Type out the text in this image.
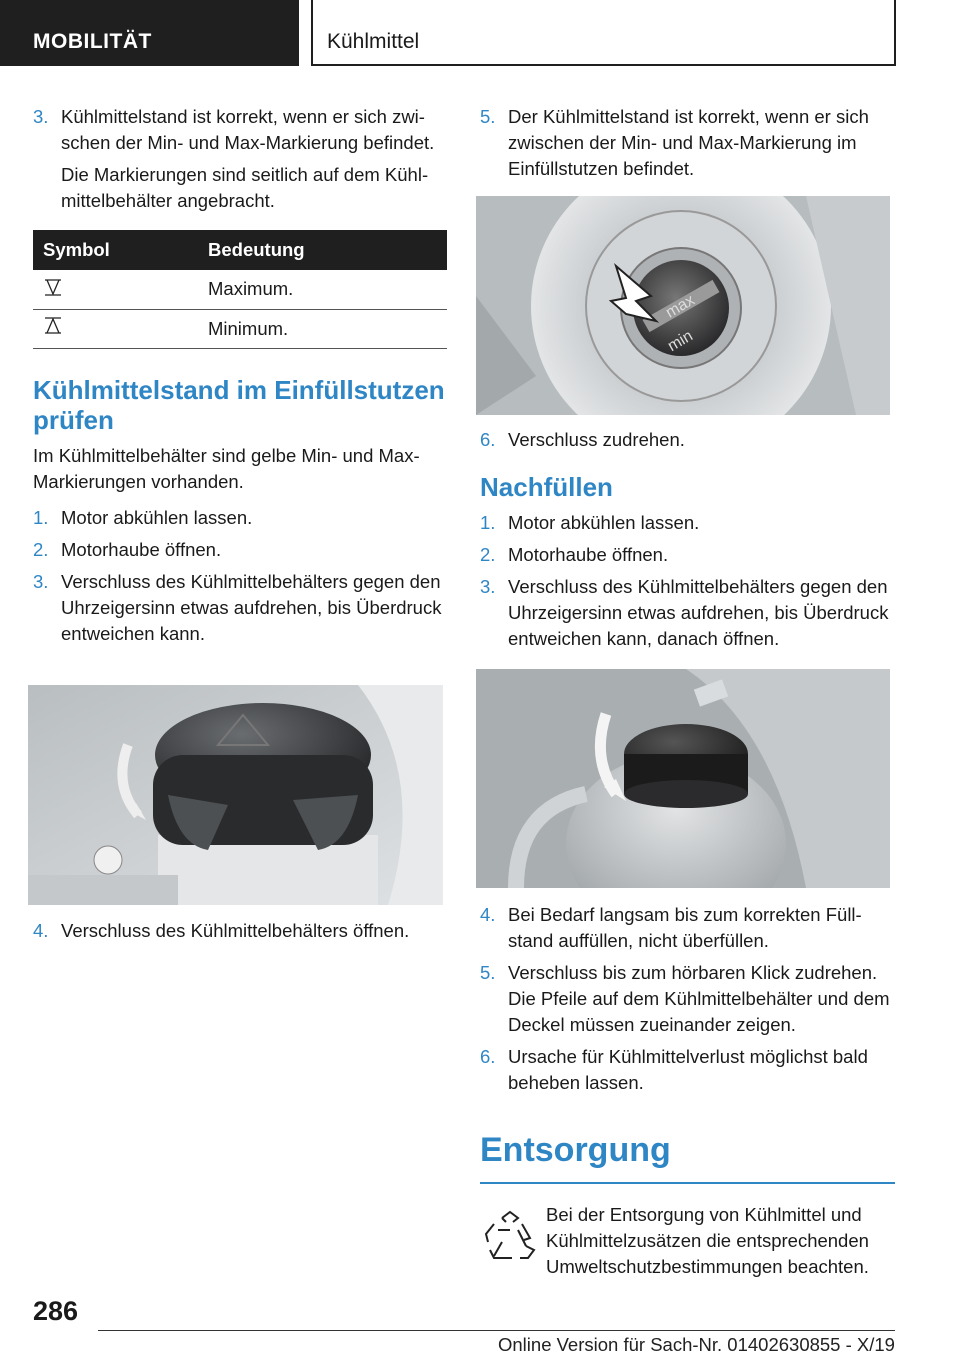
MOBILITÄT	Kühlmittel
3. Kühlmittelstand ist korrekt, wenn er sich zwischen der Min- und Max-Markierung befindet.

Die Markierungen sind seitlich auf dem Kühlmittelbehälter angebracht.

Symbol	Bedeutung
	Maximum.
	Minimum.
Kühlmittelstand im Einfüllstutzen prüfen

Im Kühlmittelbehälter sind gelbe Min- und Max-Markierungen vorhanden.

1. Motor abkühlen lassen.

2. Motorhaube öffnen.

3. Verschluss des Kühlmittelbehälters gegen den Uhrzeigersinn etwas aufdrehen, bis Überdruck entweichen kann.

4. Verschluss des Kühlmittelbehälters öffnen.

5. Der Kühlmittelstand ist korrekt, wenn er sich zwischen der Min- und Max-Markierung im Einfüllstutzen befindet.

max
min
6. Verschluss zudrehen.

Nachfüllen
1. Motor abkühlen lassen.

2. Motorhaube öffnen.

3. Verschluss des Kühlmittelbehälters gegen den Uhrzeigersinn etwas aufdrehen, bis Überdruck entweichen kann, danach öffnen.

4. Bei Bedarf langsam bis zum korrekten Füllstand auffüllen, nicht überfüllen.

5. Verschluss bis zum hörbaren Klick zudrehen. Die Pfeile auf dem Kühlmittelbehälter und dem Deckel müssen zueinander zeigen.

6. Ursache für Kühlmittelverlust möglichst bald beheben lassen.

Entsorgung

Bei der Entsorgung von Kühlmittel und Kühlmittelzusätzen die entsprechenden Umweltschutzbestimmungen beachten.

286
Online Version für Sach-Nr. 01402630855 - X/19
